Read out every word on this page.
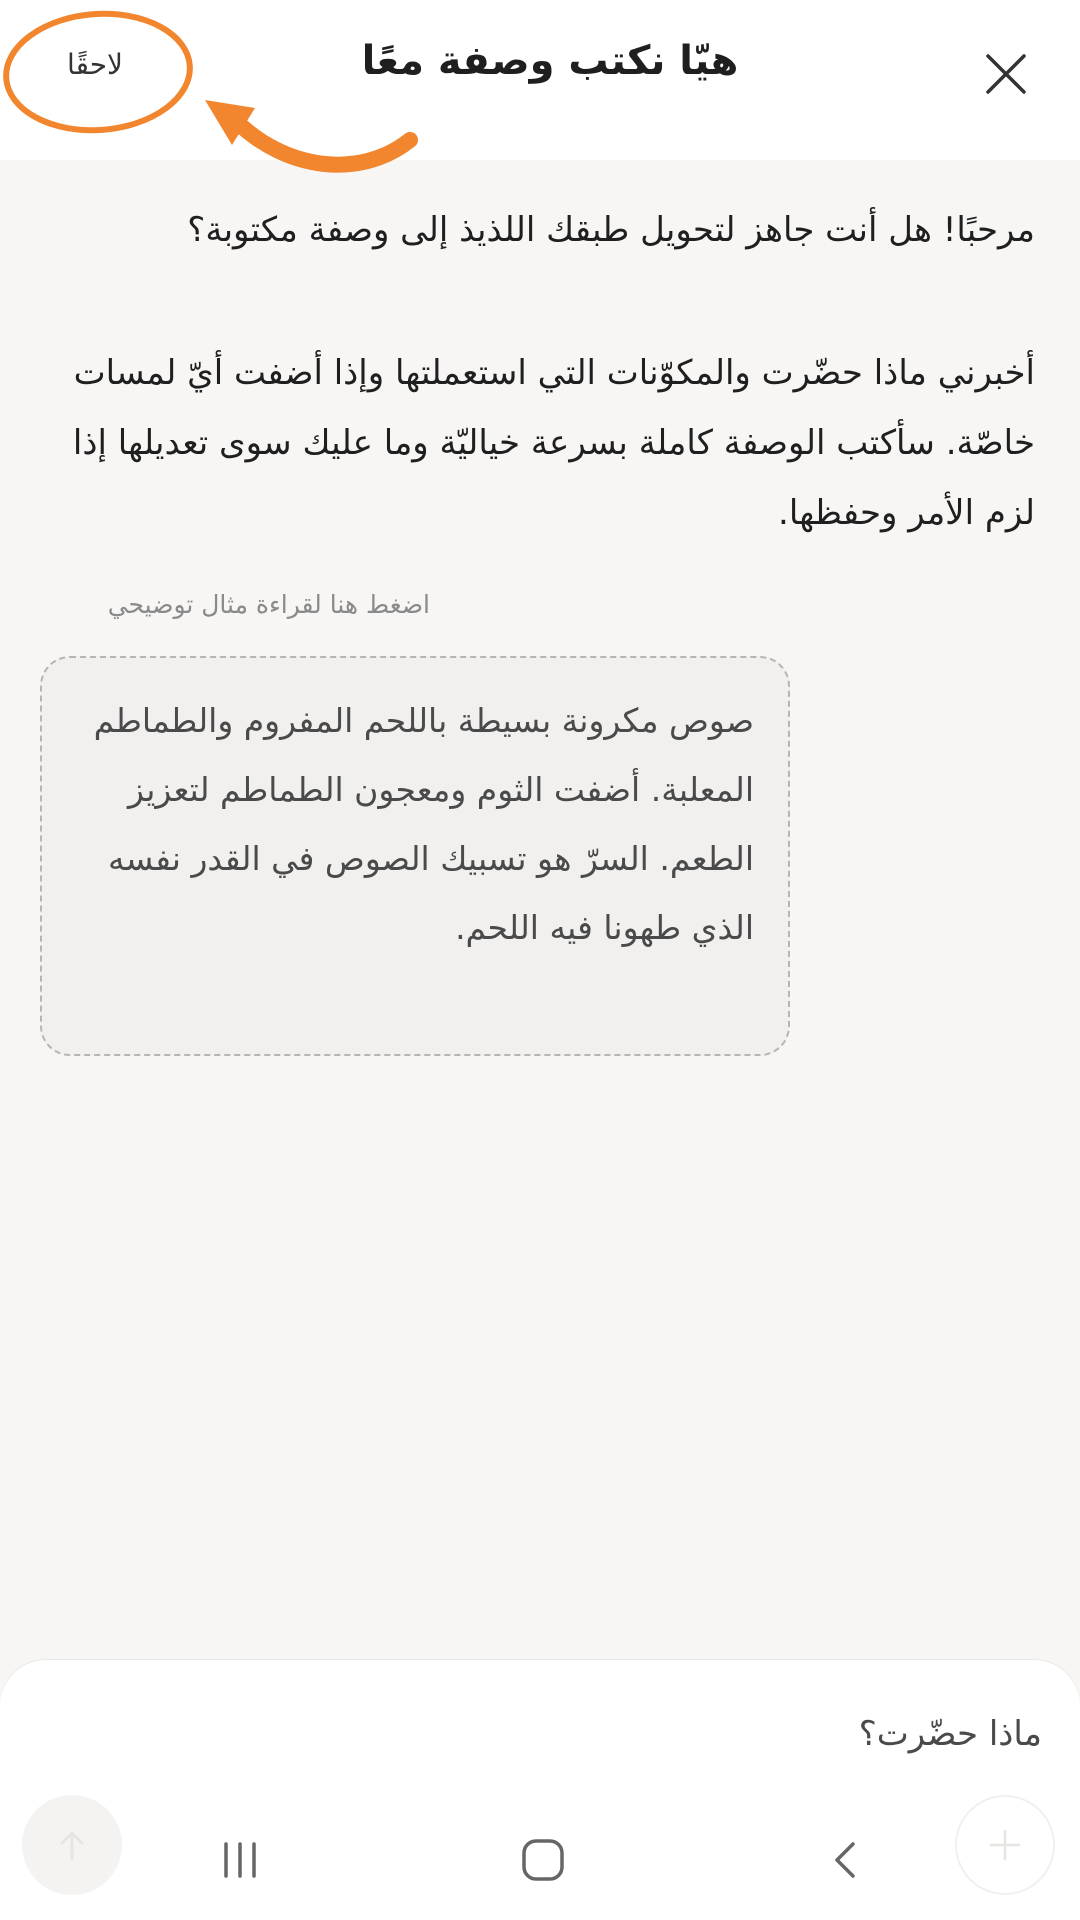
هيّا نكتب وصفة معًا
لاحقًا
مرحبًا! هل أنت جاهز لتحويل طبقك اللذيذ إلى وصفة مكتوبة؟
أخبرني ماذا حضّرت والمكوّنات التي استعملتها وإذا أضفت أيّ لمسات خاصّة. سأكتب الوصفة كاملة بسرعة خياليّة وما عليك سوى تعديلها إذا لزم الأمر وحفظها.
اضغط هنا لقراءة مثال توضيحي
صوص مكرونة بسيطة باللحم المفروم والطماطم المعلبة. أضفت الثوم ومعجون الطماطم لتعزيز الطعم. السرّ هو تسبيك الصوص في القدر نفسه الذي طهونا فيه اللحم.
ماذا حضّرت؟
